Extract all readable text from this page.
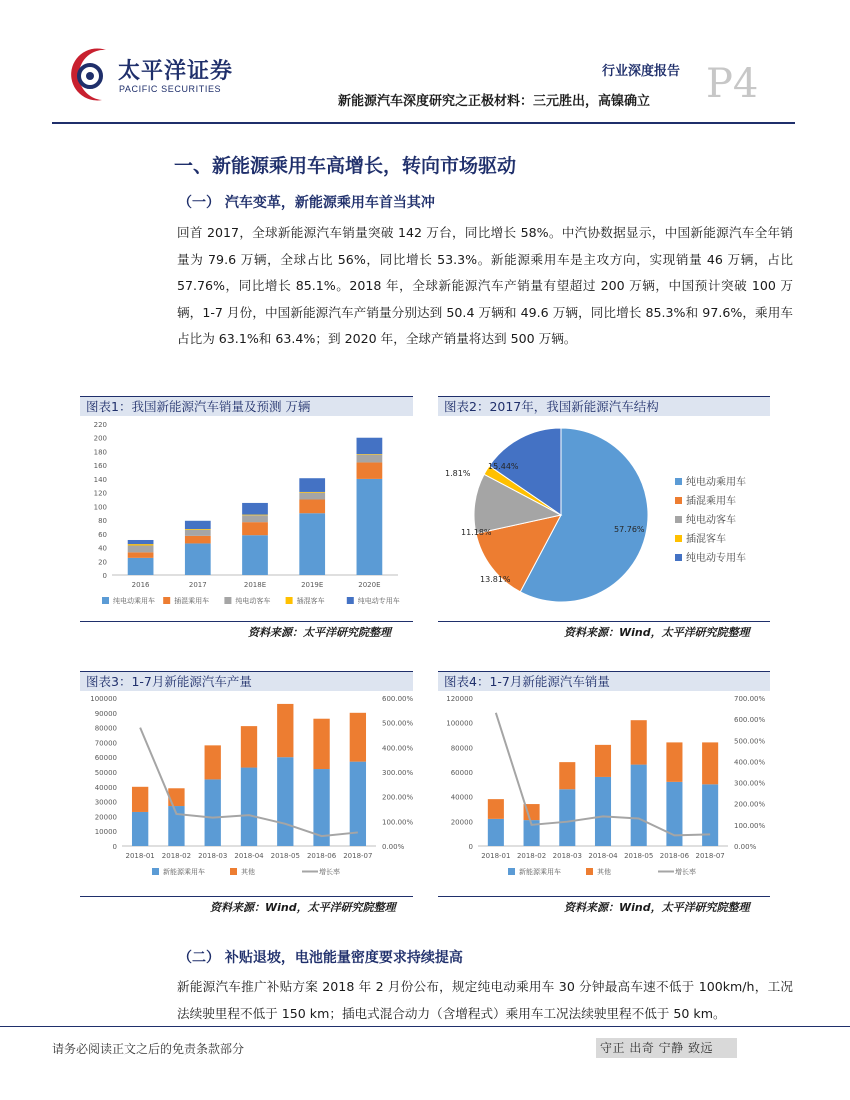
太平洋证券
PACIFIC SECURITIES
行业深度报告
新能源汽车深度研究之正极材料：三元胜出，高镍确立 P4
一、新能源乘用车高增长，转向市场驱动
（一） 汽车变革，新能源乘用车首当其冲
回首 2017，全球新能源汽车销量突破 142 万台，同比增长 58%。中汽协数据显示，中国新能源汽车全年销量为 79.6 万辆，全球占比 56%，同比增长 53.3%。新能源乘用车是主攻方向，实现销量 46 万辆，占比 57.76%，同比增长 85.1%。2018 年，全球新能源汽车产销量有望超过 200 万辆，中国预计突破 100 万辆，1-7 月份，中国新能源汽车产销量分别达到 50.4 万辆和 49.6 万辆，同比增长 85.3%和 97.6%，乘用车占比为 63.1%和 63.4%；到 2020 年，全球产销量将达到 500 万辆。
图表1：我国新能源汽车销量及预测 万辆
0
20
40
60
80
100
120
140
160
180
200
220
2016	2017	2018E	2019E	2020E
纯电动乘用车	插混乘用车	纯电动客车	插混客车	纯电动专用车
资料来源：太平洋研究院整理
图表2：2017年，我国新能源汽车结构
57.76%
13.81%
11.18%
1.81%
15.44%
纯电动乘用车
插混乘用车
纯电动客车
插混客车
纯电动专用车
资料来源：Wind，太平洋研究院整理
图表3：1-7月新能源汽车产量
0
10000
20000
30000
40000
50000
60000
70000
80000
90000
100000
2018-01 2018-02 2018-03 2018-04 2018-05 2018-06 2018-07
0.00%
100.00%
200.00%
300.00%
400.00%
500.00%
600.00%
新能源乘用车	其他	增长率
资料来源：Wind，太平洋研究院整理
图表4：1-7月新能源汽车销量
0
20000
40000
60000
80000
100000
120000
2018-01 2018-02 2018-03 2018-04 2018-05 2018-06 2018-07
0.00%
100.00%
200.00%
300.00%
400.00%
500.00%
600.00%
700.00%
新能源乘用车	其他	增长率
资料来源：Wind，太平洋研究院整理
（二） 补贴退坡，电池能量密度要求持续提高
新能源汽车推广补贴方案 2018 年 2 月份公布，规定纯电动乘用车 30 分钟最高车速不低于 100km/h，工况法续驶里程不低于 150 km；插电式混合动力（含增程式）乘用车工况法续驶里程不低于 50 km。
请务必阅读正文之后的免责条款部分	守正 出奇 宁静 致远
